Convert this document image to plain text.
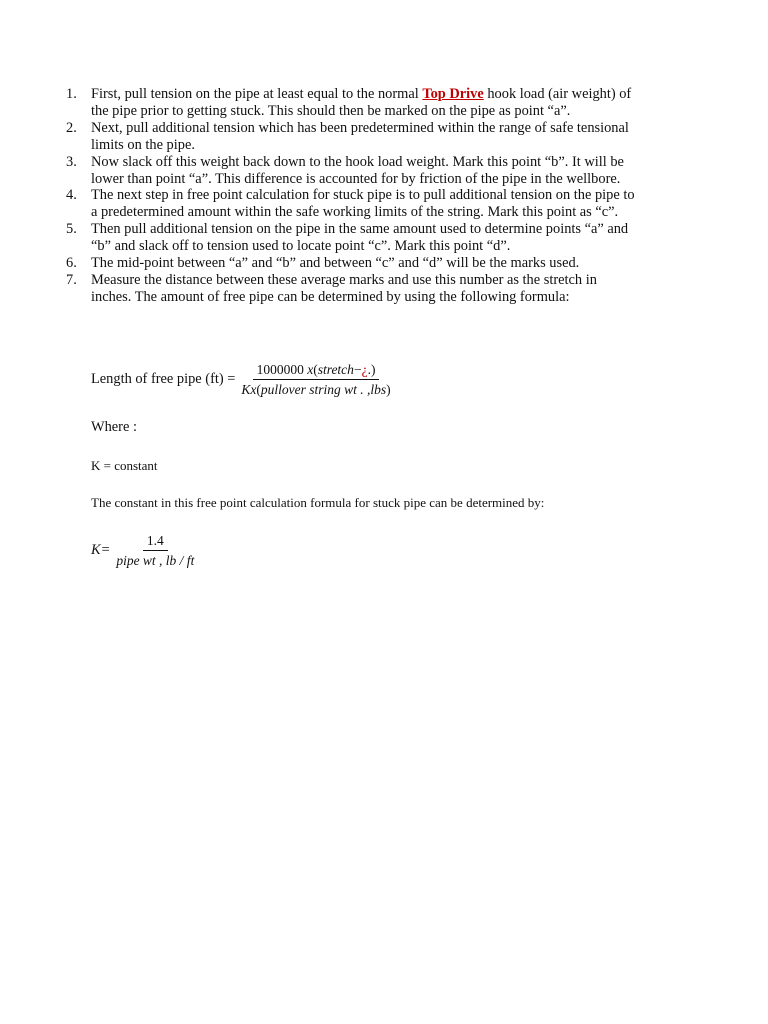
1. First, pull tension on the pipe at least equal to the normal Top Drive hook load (air weight) of
the pipe prior to getting stuck. This should then be marked on the pipe as point “a”.
2. Next, pull additional tension which has been predetermined within the range of safe tensional
limits on the pipe.
3. Now slack off this weight back down to the hook load weight. Mark this point “b”. It will be
lower than point “a”. This difference is accounted for by friction of the pipe in the wellbore.
4. The next step in free point calculation for stuck pipe is to pull additional tension on the pipe to
a predetermined amount within the safe working limits of the string. Mark this point as “c”.
5. Then pull additional tension on the pipe in the same amount used to determine points “a” and
“b” and slack off to tension used to locate point “c”. Mark this point “d”.
6. The mid-point between “a” and “b” and between “c” and “d” will be the marks used.
7. Measure the distance between these average marks and use this number as the stretch in
inches. The amount of free pipe can be determined by using the following formula:
Length of free pipe $(ft) = \frac{\text{1000000 x(stretch−¿.)}}{\text{Kx(pullover string wt . ,lbs)}}$
Where :
K = constant
The constant in this free point calculation formula for stuck pipe can be determined by:
$K= \frac{1.4}{\text{pipe wt , lb / ft}}$
